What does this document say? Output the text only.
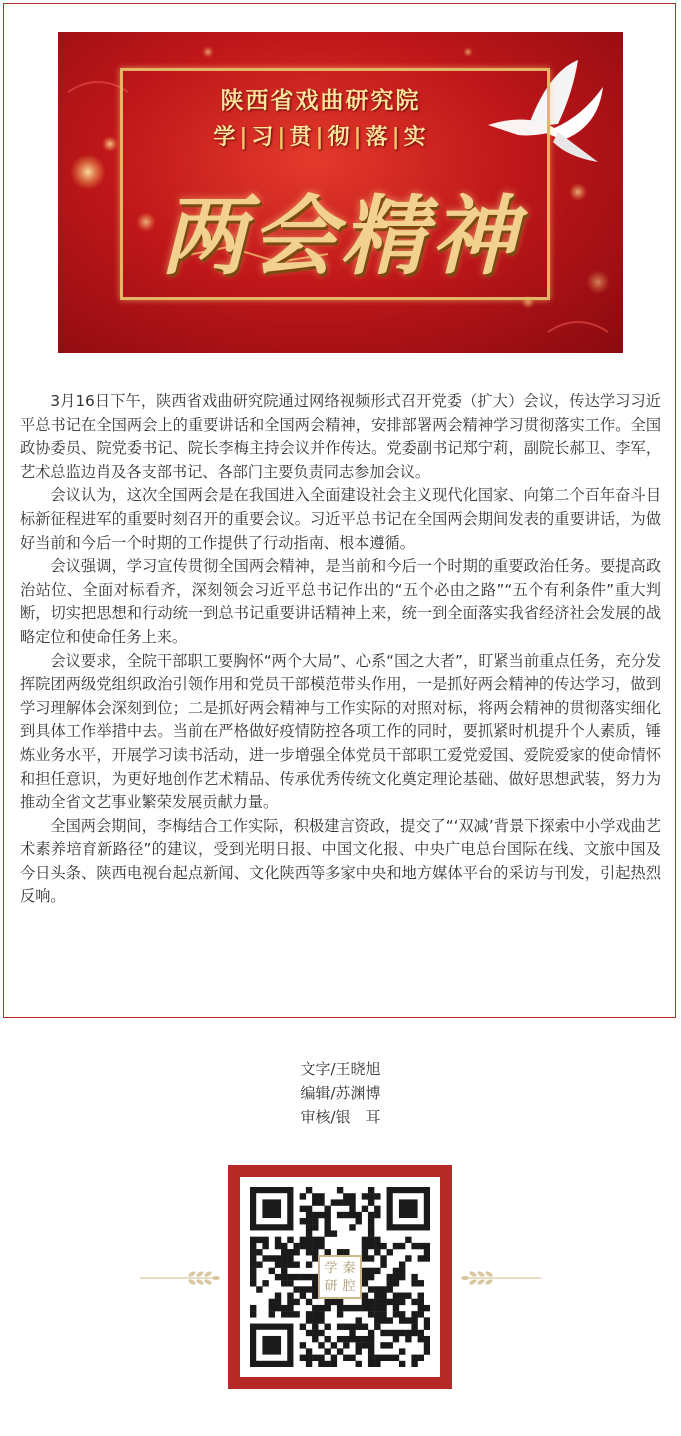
陕西省戏曲研究院
学|习|贯|彻|落|实
两会精神

3月16日下午，陕西省戏曲研究院通过网络视频形式召开党委（扩大）会议，传达学习习近平总书记在全国两会上的重要讲话和全国两会精神，安排部署两会精神学习贯彻落实工作。全国政协委员、院党委书记、院长李梅主持会议并作传达。党委副书记郑宁莉，副院长郝卫、李军，艺术总监边肖及各支部书记、各部门主要负责同志参加会议。

会议认为，这次全国两会是在我国进入全面建设社会主义现代化国家、向第二个百年奋斗目标新征程进军的重要时刻召开的重要会议。习近平总书记在全国两会期间发表的重要讲话，为做好当前和今后一个时期的工作提供了行动指南、根本遵循。

会议强调，学习宣传贯彻全国两会精神，是当前和今后一个时期的重要政治任务。要提高政治站位、全面对标看齐，深刻领会习近平总书记作出的“五个必由之路”“五个有利条件”重大判断，切实把思想和行动统一到总书记重要讲话精神上来，统一到全面落实我省经济社会发展的战略定位和使命任务上来。

会议要求，全院干部职工要胸怀“两个大局”、心系“国之大者”，盯紧当前重点任务，充分发挥院团两级党组织政治引领作用和党员干部模范带头作用，一是抓好两会精神的传达学习，做到学习理解体会深刻到位；二是抓好两会精神与工作实际的对照对标，将两会精神的贯彻落实细化到具体工作举措中去。当前在严格做好疫情防控各项工作的同时，要抓紧时机提升个人素质，锤炼业务水平，开展学习读书活动，进一步增强全体党员干部职工爱党爱国、爱院爱家的使命情怀和担任意识，为更好地创作艺术精品、传承优秀传统文化奠定理论基础、做好思想武装，努力为推动全省文艺事业繁荣发展贡献力量。

全国两会期间，李梅结合工作实际，积极建言资政，提交了“‘双减’背景下探索中小学戏曲艺术素养培育新路径”的建议，受到光明日报、中国文化报、中央广电总台国际在线、文旅中国及今日头条、陕西电视台起点新闻、文化陕西等多家中央和地方媒体平台的采访与刊发，引起热烈反响。

文字/王晓旭
编辑/苏渊博
审核/银　耳
学 秦
研 腔
